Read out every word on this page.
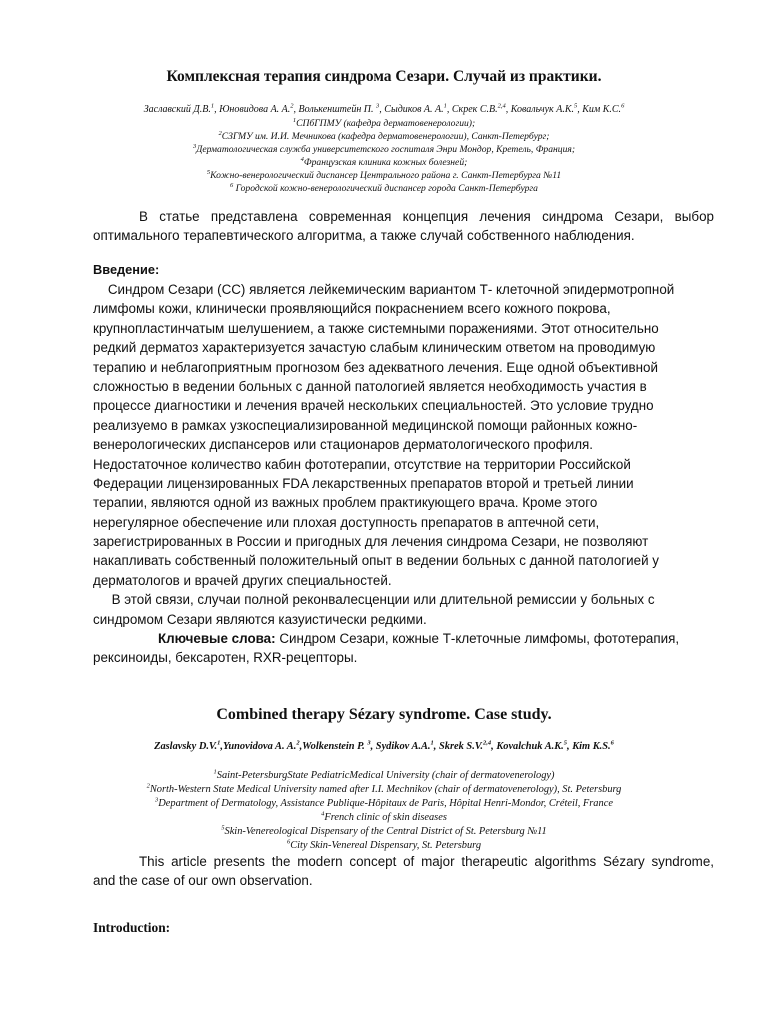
Комплексная терапия синдрома Сезари. Случай из практики.
Заславский Д.В.$^1$, Юновидова А. А.$^2$, Волькенштейн П. $^3$, Сыдиков А. А.$^1$, Скрек С.В.$^{2,4}$, Ковальчук А.К.$^5$, Ким К.С.$^6$
$^1$СПбГПМУ (кафедра дерматовенерологии);
$^2$СЗГМУ им. И.И. Мечникова (кафедра дерматовенерологии), Санкт-Петербург;
$^3$Дерматологическая служба университетского госпиталя Энри Мондор, Кретель, Франция;
$^4$Французская клиника кожных болезней;
$^5$Кожно-венерологический диспансер Центрального района г. Санкт-Петербурга №11
$^6$ Городской кожно-венерологический диспансер города Санкт-Петербурга
В статье представлена современная концепция лечения синдрома Сезари, выбор
оптимального терапевтического алгоритма, а также случай собственного наблюдения.
Введение:
Синдром Сезари (СС) является лейкемическим вариантом Т- клеточной эпидермотропной
лимфомы кожи, клинически проявляющийся покраснением всего кожного покрова,
крупнопластинчатым шелушением, а также системными поражениями. Этот относительно
редкий дерматоз характеризуется зачастую слабым клиническим ответом на проводимую
терапию и неблагоприятным прогнозом без адекватного лечения. Еще одной объективной
сложностью в ведении больных с данной патологией является необходимость участия в
процессе диагностики и лечения врачей нескольких специальностей. Это условие трудно
реализуемо в рамках узкоспециализированной медицинской помощи районных кожно-
венерологических диспансеров или стационаров дерматологического профиля.
Недостаточное количество кабин фототерапии, отсутствие на территории Российской
Федерации лицензированных FDA лекарственных препаратов второй и третьей линии
терапии, являются одной из важных проблем практикующего врача. Кроме этого
нерегулярное обеспечение или плохая доступность препаратов в аптечной сети,
зарегистрированных в России и пригодных для лечения синдрома Сезари, не позволяют
накапливать собственный положительный опыт в ведении больных с данной патологией у
дерматологов и врачей других специальностей.
В этой связи, случаи полной реконвалесценции или длительной ремиссии у больных с
синдромом Сезари являются казуистически редкими.
Ключевые слова: Синдром Сезари, кожные Т-клеточные лимфомы, фототерапия,
рексиноиды, бексаротен, RXR-рецепторы.
Combined therapy Sézary syndrome. Case study.
Zaslavsky D.V.$^1$,Yunovidova A. A.$^2$,Wolkenstein P. $^3$, Sydikov A.A.$^1$, Skrek S.V.$^{2,4}$, Kovalchuk A.K.$^5$, Kim K.S.$^6$
$^1$Saint-PetersburgState PediatricMedical University (chair of dermatovenerology)
$^2$North-Western State Medical University named after I.I. Mechnikov (chair of dermatovenerology), St. Petersburg
$^3$Department of Dermatology, Assistance Publique-Hôpitaux de Paris, Hôpital Henri-Mondor, Créteil, France
$^4$French clinic of skin diseases
$^5$Skin-Venereological Dispensary of the Central District of St. Petersburg №11
$^6$City Skin-Venereal Dispensary, St. Petersburg
This article presents the modern concept of major therapeutic algorithms Sézary syndrome,
and the case of our own observation.
Introduction:
